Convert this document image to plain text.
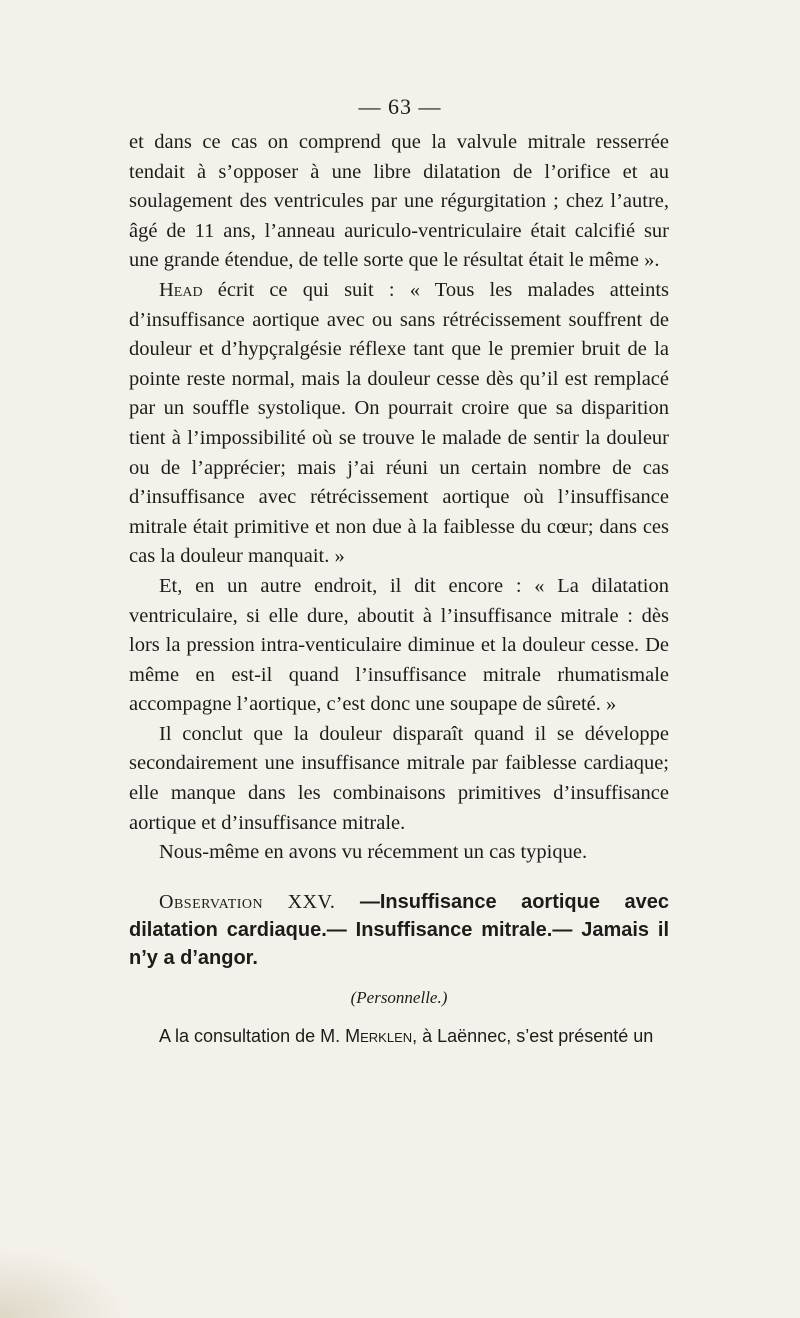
— 63 —

et dans ce cas on comprend que la valvule mitrale resserrée tendait à s’opposer à une libre dilatation de l’orifice et au soulagement des ventricules par une régurgitation ; chez l’autre, âgé de 11 ans, l’anneau auriculo-ventriculaire était calcifié sur une grande étendue, de telle sorte que le résultat était le même ».

Head écrit ce qui suit : « Tous les malades atteints d’insuffisance aortique avec ou sans rétrécissement souffrent de douleur et d’hypçralgésie réflexe tant que le premier bruit de la pointe reste normal, mais la douleur cesse dès qu’il est remplacé par un souffle systolique. On pourrait croire que sa disparition tient à l’impossibilité où se trouve le malade de sentir la douleur ou de l’apprécier; mais j’ai réuni un certain nombre de cas d’insuffisance avec rétrécissement aortique où l’insuffisance mitrale était primitive et non due à la faiblesse du cœur; dans ces cas la douleur manquait. »

Et, en un autre endroit, il dit encore : « La dilatation ventriculaire, si elle dure, aboutit à l’insuffisance mitrale : dès lors la pression intra-venticulaire diminue et la douleur cesse. De même en est-il quand l’insuffisance mitrale rhumatismale accompagne l’aortique, c’est donc une soupape de sûreté. »

Il conclut que la douleur disparaît quand il se développe secondairement une insuffisance mitrale par faiblesse cardiaque; elle manque dans les combinaisons primitives d’insuffisance aortique et d’insuffisance mitrale.

Nous-même en avons vu récemment un cas typique.

Observation XXV. —Insuffisance aortique avec dilatation cardiaque.— Insuffisance mitrale.— Jamais il n’y a d’angor.

(Personnelle.)

A la consultation de M. Merklen, à Laënnec, s’est présenté un
